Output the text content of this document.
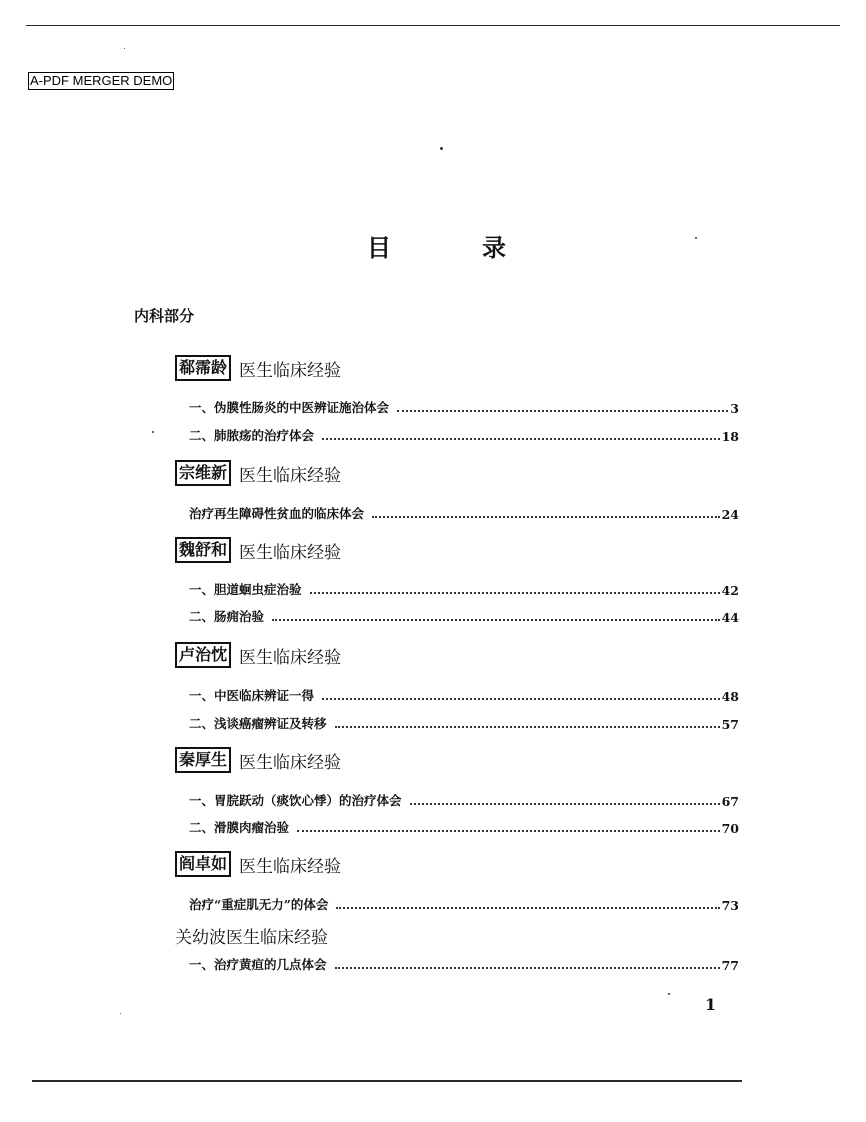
A-PDF MERGER DEMO
目	录
内科部分
郗霈龄 医生临床经验
一、伪膜性肠炎的中医辨证施治体会	3
二、肺脓疡的治疗体会	18
宗维新 医生临床经验
治疗再生障碍性贫血的临床体会	24
魏舒和 医生临床经验
一、胆道蛔虫症治验	42
二、肠痈治验	44
卢治忱 医生临床经验
一、中医临床辨证一得	48
二、浅谈癌瘤辨证及转移	57
秦厚生 医生临床经验
一、胃脘跃动（痰饮心悸）的治疗体会	67
二、滑膜肉瘤治验	70
阎卓如 医生临床经验
治疗“重症肌无力”的体会	73
关幼波医生临床经验
一、治疗黄疸的几点体会	77
1
